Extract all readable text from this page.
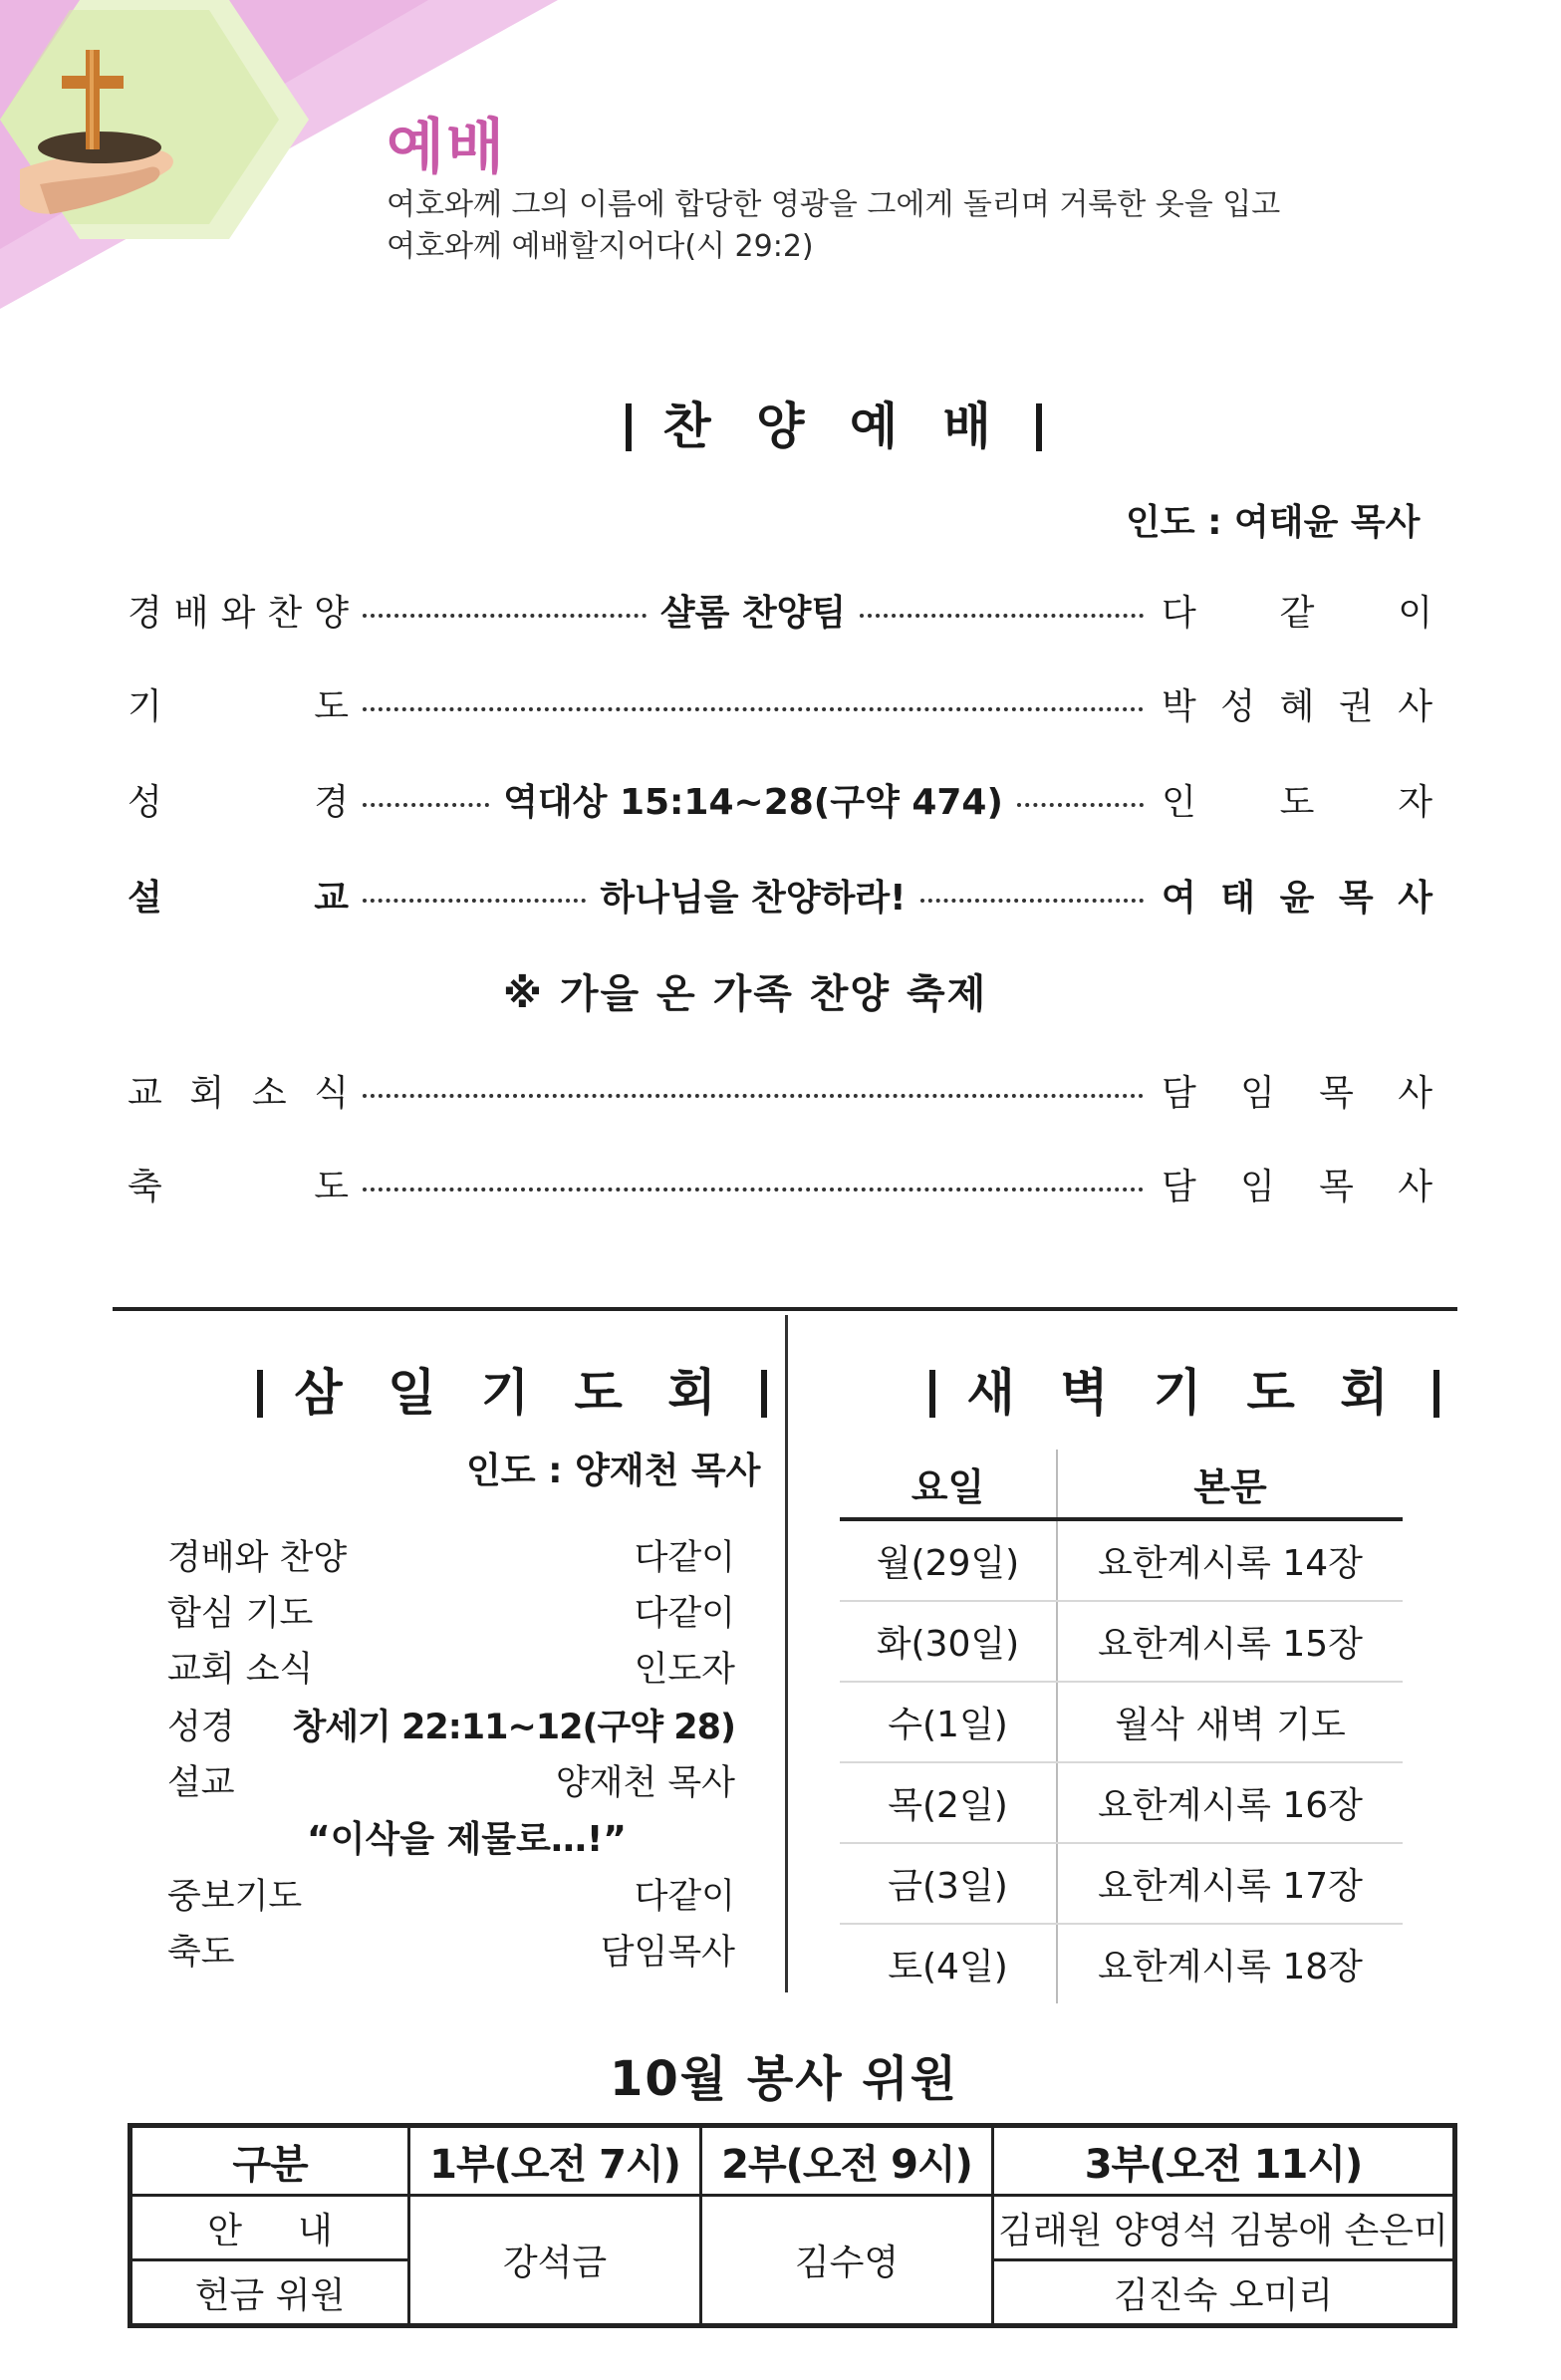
예배
여호와께 그의 이름에 합당한 영광을 그에게 돌리며 거룩한 옷을 입고
여호와께 예배할지어다(시 29:2)
찬 양 예 배
인도 : 여태윤 목사
경 배 와 찬 양	샬롬 찬양팀	다 같 이
기	도	박 성 혜 권 사
성	경	역대상 15:14~28(구약 474)	인 도 자
설	교	하나님을 찬양하라!	여 태 윤 목 사
교 회 소 식	담 임 목 사
축	도	담 임 목 사
※ 가을 온 가족 찬양 축제
삼 일 기 도 회
인도 : 양재천 목사
경배와 찬양	다같이
합심 기도	다같이
교회 소식	인도자
성경 창세기 22:11~12(구약 28)
설교	양재천 목사
“이삭을 제물로…!”
중보기도	다같이
축도	담임목사
새 벽 기 도 회
요일	본문
월(29일)	요한계시록 14장
화(30일)	요한계시록 15장
수(1일)	월삭 새벽 기도
목(2일)	요한계시록 16장
금(3일)	요한계시록 17장
토(4일)	요한계시록 18장
10월 봉사 위원
구분	1부(오전 7시)	2부(오전 9시)	3부(오전 11시)
안내	강석금	김수영	김래원 양영석 김봉애 손은미
헌금 위원			김진숙 오미리
